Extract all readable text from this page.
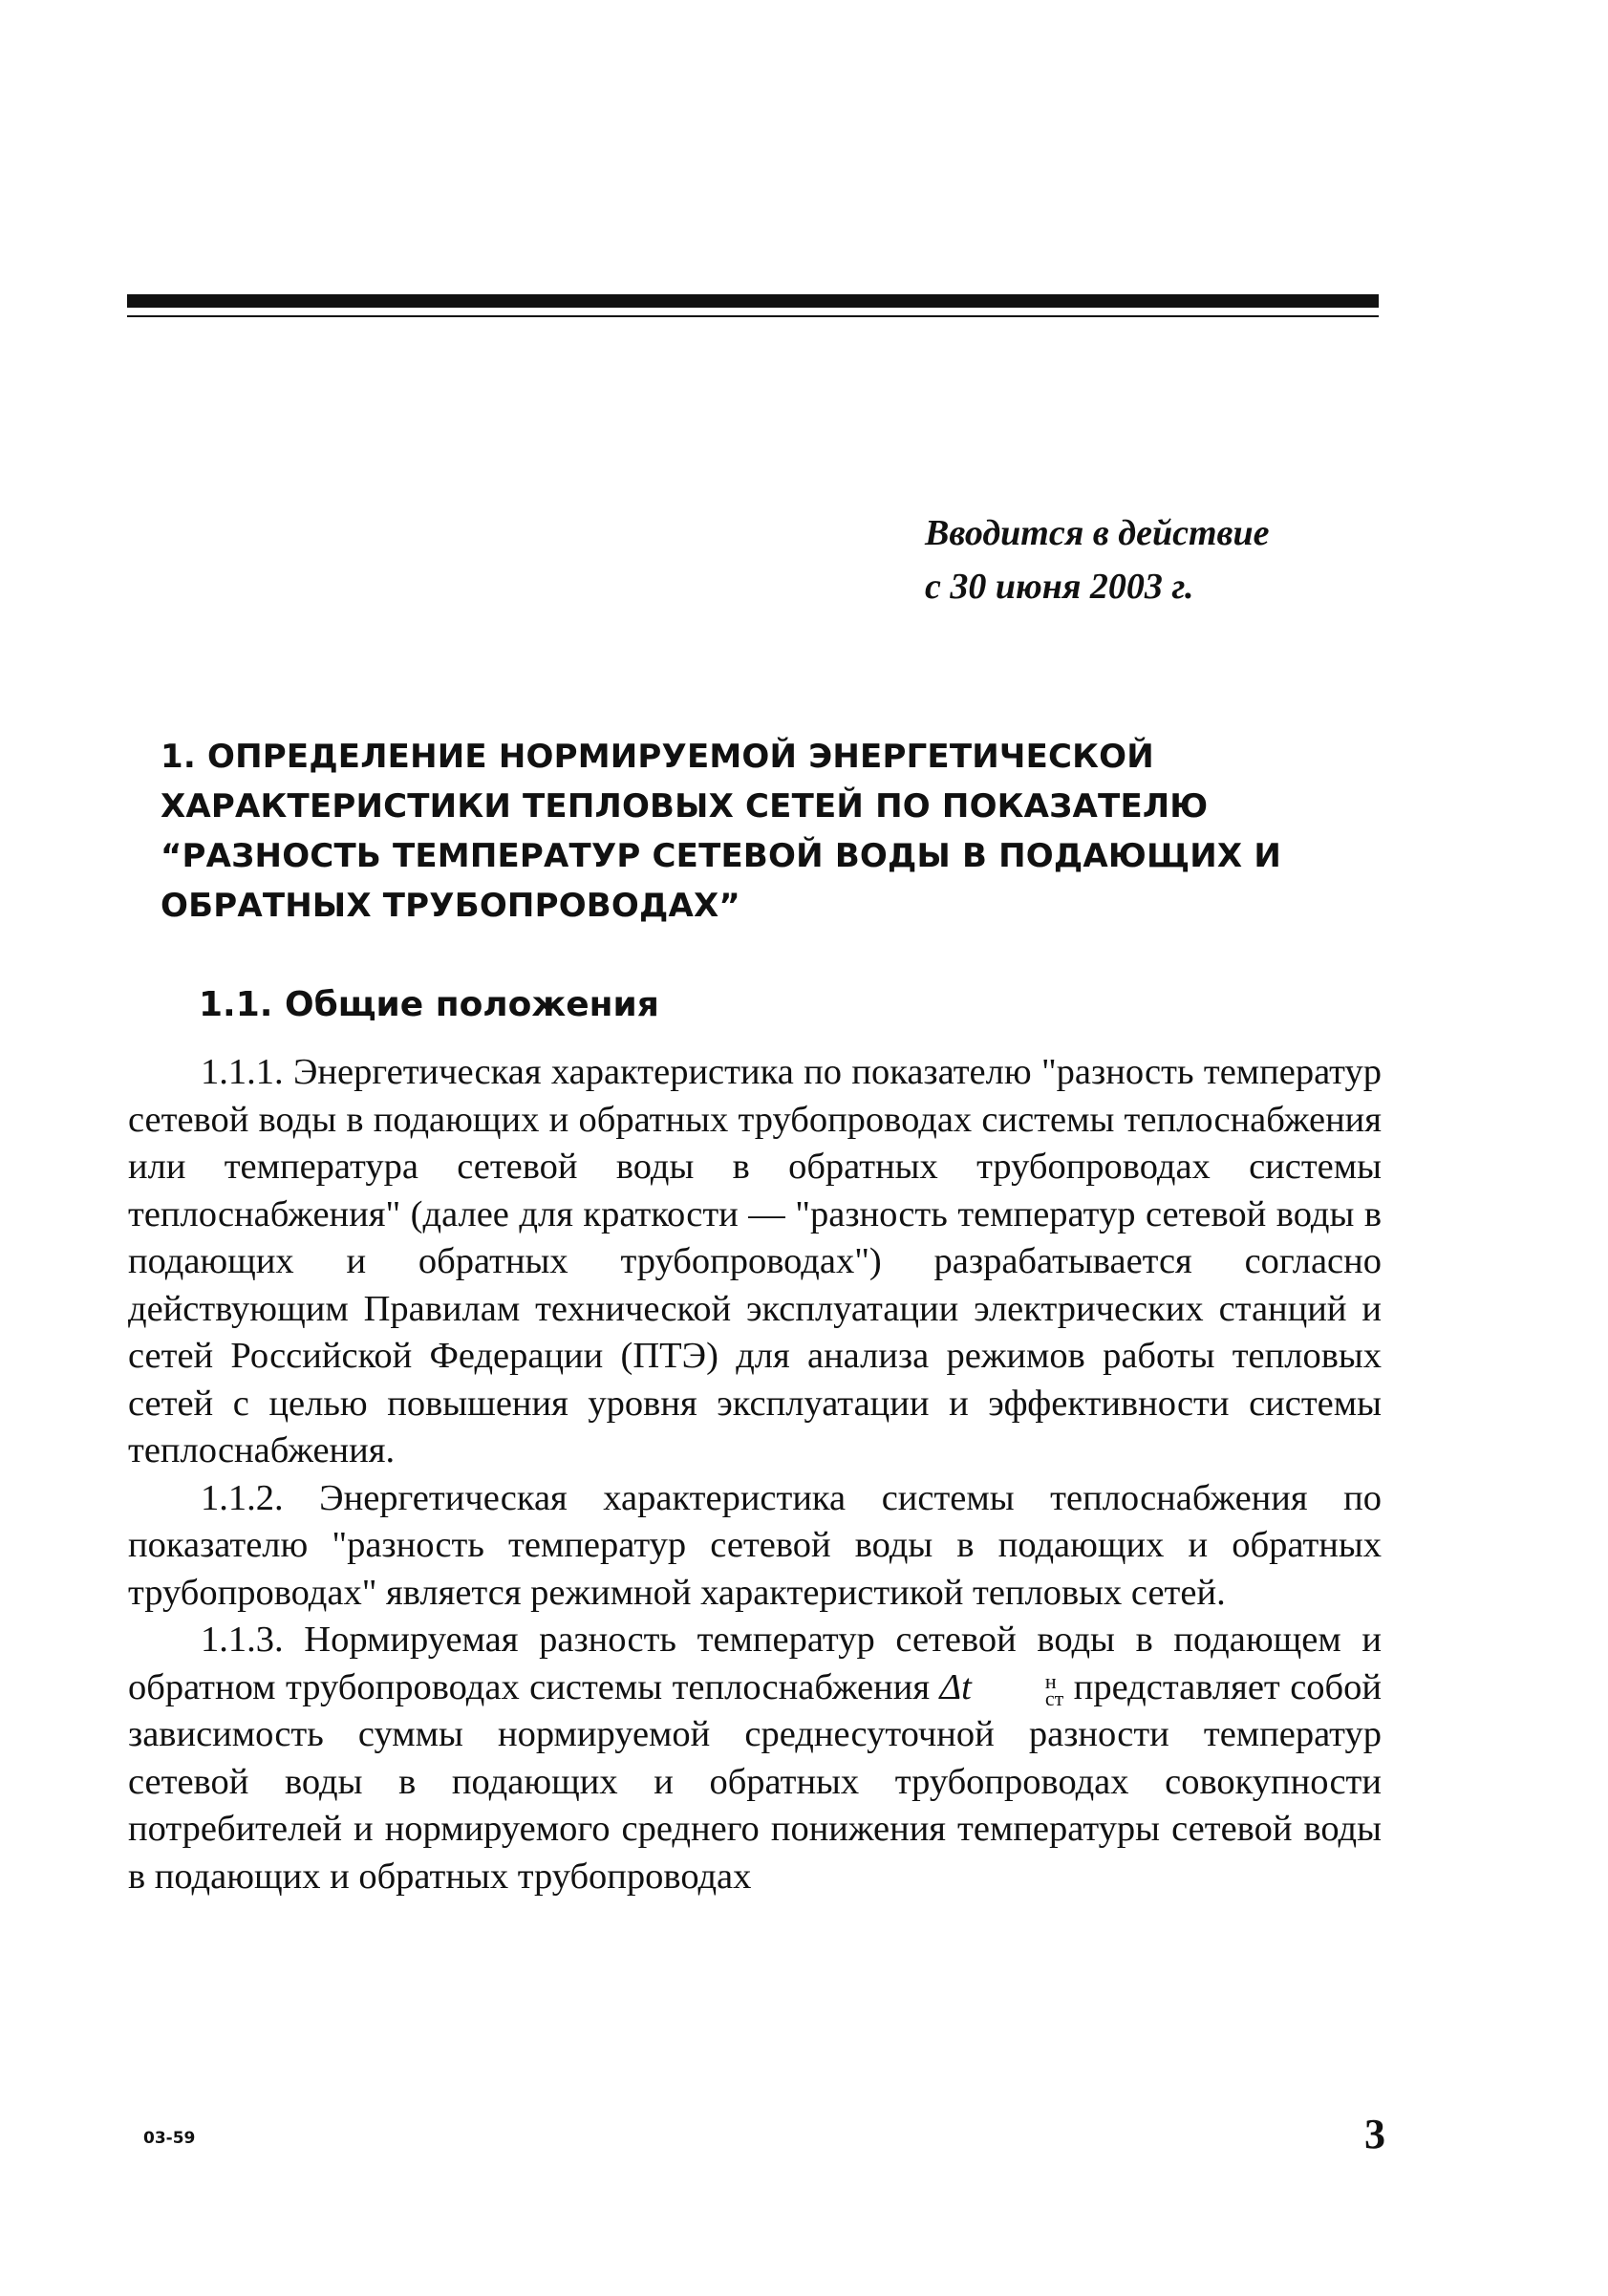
Вводится в действие
с 30 июня 2003 г.
1. ОПРЕДЕЛЕНИЕ НОРМИРУЕМОЙ ЭНЕРГЕТИЧЕСКОЙ ХАРАКТЕРИСТИКИ ТЕПЛОВЫХ СЕТЕЙ ПО ПОКАЗАТЕЛЮ “РАЗНОСТЬ ТЕМПЕРАТУР СЕТЕВОЙ ВОДЫ В ПОДАЮЩИХ И ОБРАТНЫХ ТРУБОПРОВОДАХ”
1.1. Общие положения

1.1.1. Энергетическая характеристика по показателю "разность температур сетевой воды в подающих и обратных трубопроводах системы теплоснабжения или температура сетевой воды в обратных трубопроводах системы теплоснабжения" (далее для краткости — "разность температур сетевой воды в подающих и обратных трубопроводах") разрабатывается согласно действующим Правилам технической эксплуатации электрических станций и сетей Российской Федерации (ПТЭ) для анализа режимов работы тепловых сетей с целью повышения уровня эксплуатации и эффективности системы теплоснабжения.

1.1.2. Энергетическая характеристика системы теплоснабжения по показателю "разность температур сетевой воды в подающих и обратных трубопроводах" является режимной характеристикой тепловых сетей.

1.1.3. Нормируемая разность температур сетевой воды в подающем и обратном трубопроводах системы теплоснабжения Δt	н
ст представляет собой зависимость суммы нормируемой среднесуточной разности температур сетевой воды в подающих и обратных трубопроводах совокупности потребителей и нормируемого среднего понижения температуры сетевой воды в подающих и обратных трубопроводах

03-59	3
